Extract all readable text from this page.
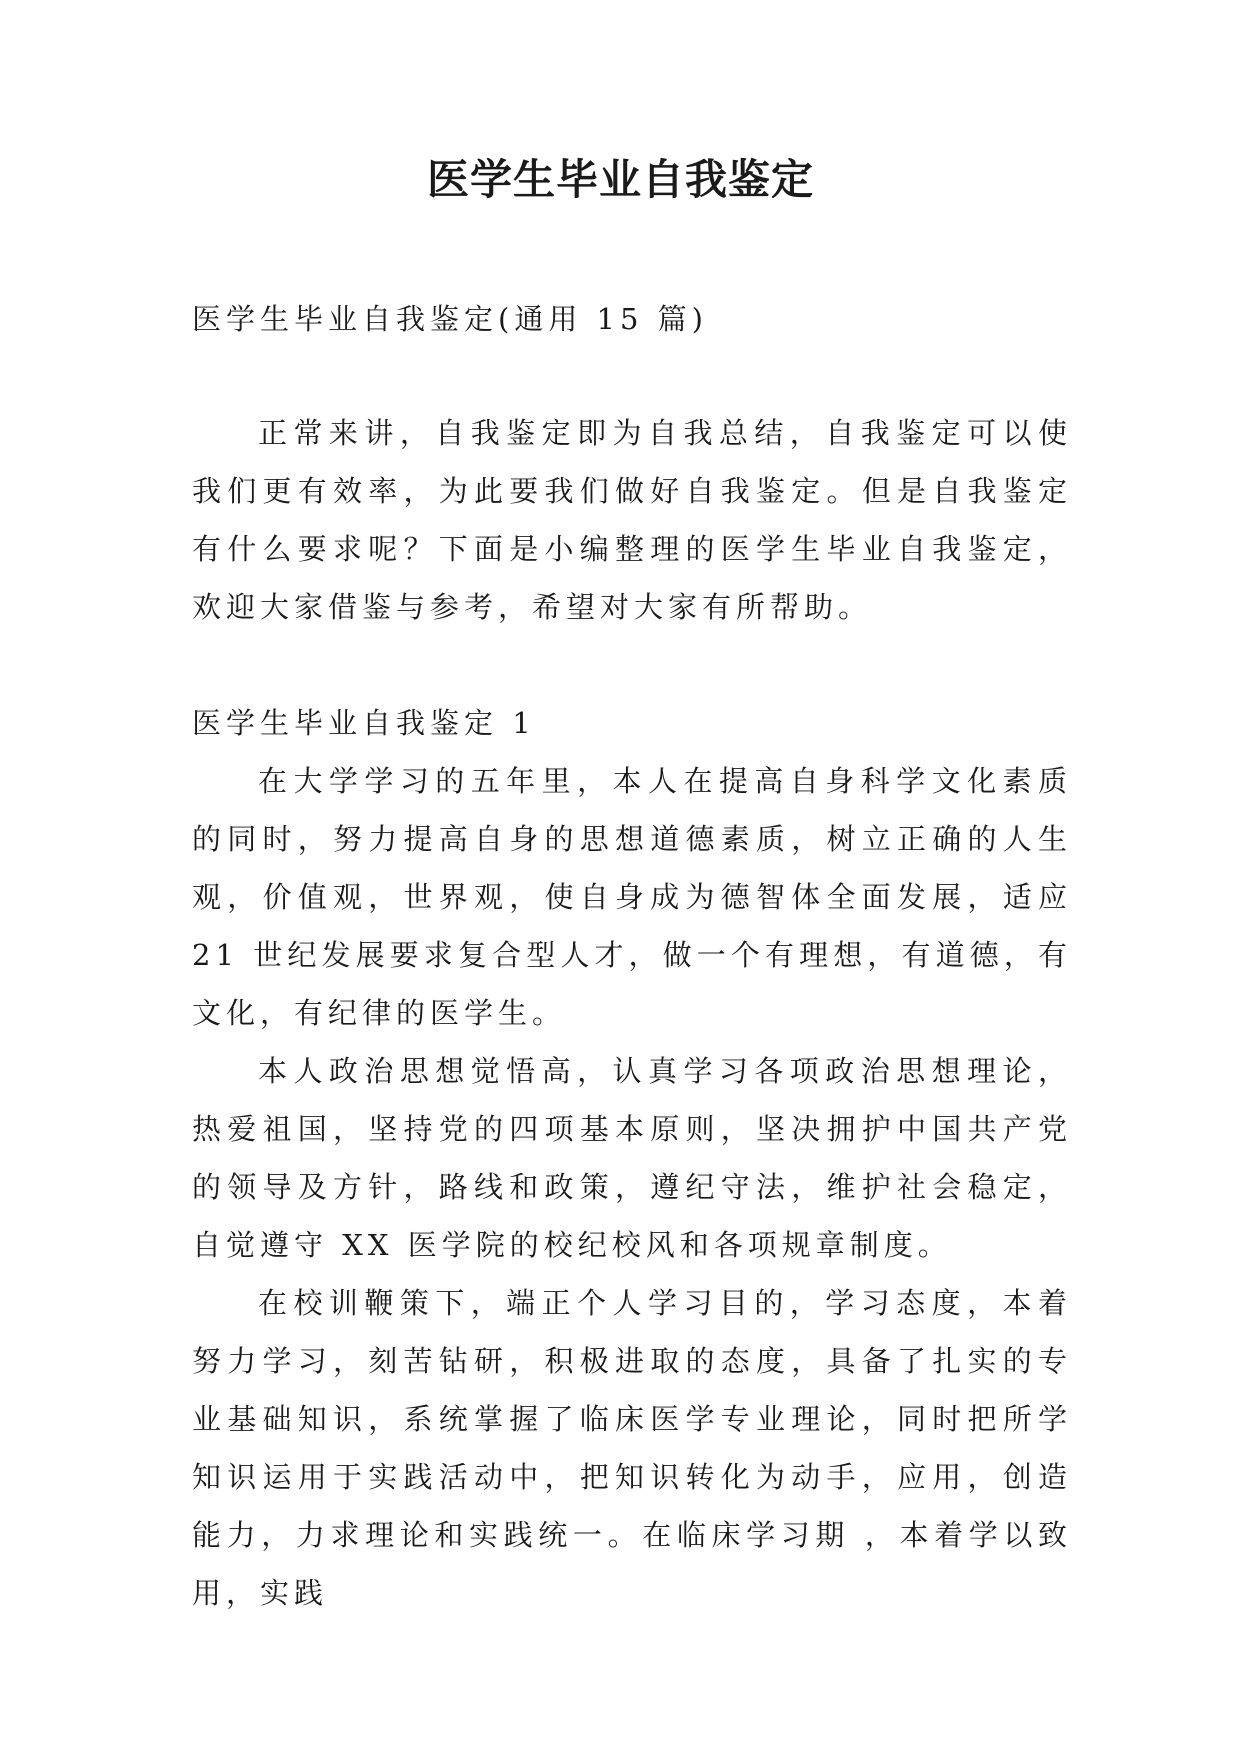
医学生毕业自我鉴定

医学生毕业自我鉴定(通用 15 篇)

正常来讲，自我鉴定即为自我总结，自我鉴定可以使我们更有效率，为此要我们做好自我鉴定。但是自我鉴定有什么要求呢？下面是小编整理的医学生毕业自我鉴定，欢迎大家借鉴与参考，希望对大家有所帮助。

医学生毕业自我鉴定 1

在大学学习的五年里，本人在提高自身科学文化素质的同时，努力提高自身的思想道德素质，树立正确的人生观，价值观，世界观，使自身成为德智体全面发展，适应 21 世纪发展要求复合型人才，做一个有理想，有道德，有文化，有纪律的医学生。

本人政治思想觉悟高，认真学习各项政治思想理论，热爱祖国，坚持党的四项基本原则，坚决拥护中国共产党的领导及方针，路线和政策，遵纪守法，维护社会稳定，自觉遵守 XX 医学院的校纪校风和各项规章制度。

在校训鞭策下，端正个人学习目的，学习态度，本着努力学习，刻苦钻研，积极进取的态度，具备了扎实的专业基础知识，系统掌握了临床医学专业理论，同时把所学知识运用于实践活动中，把知识转化为动手，应用，创造能力，力求理论和实践统一。在临床学习期 ，本着学以致用，实践
